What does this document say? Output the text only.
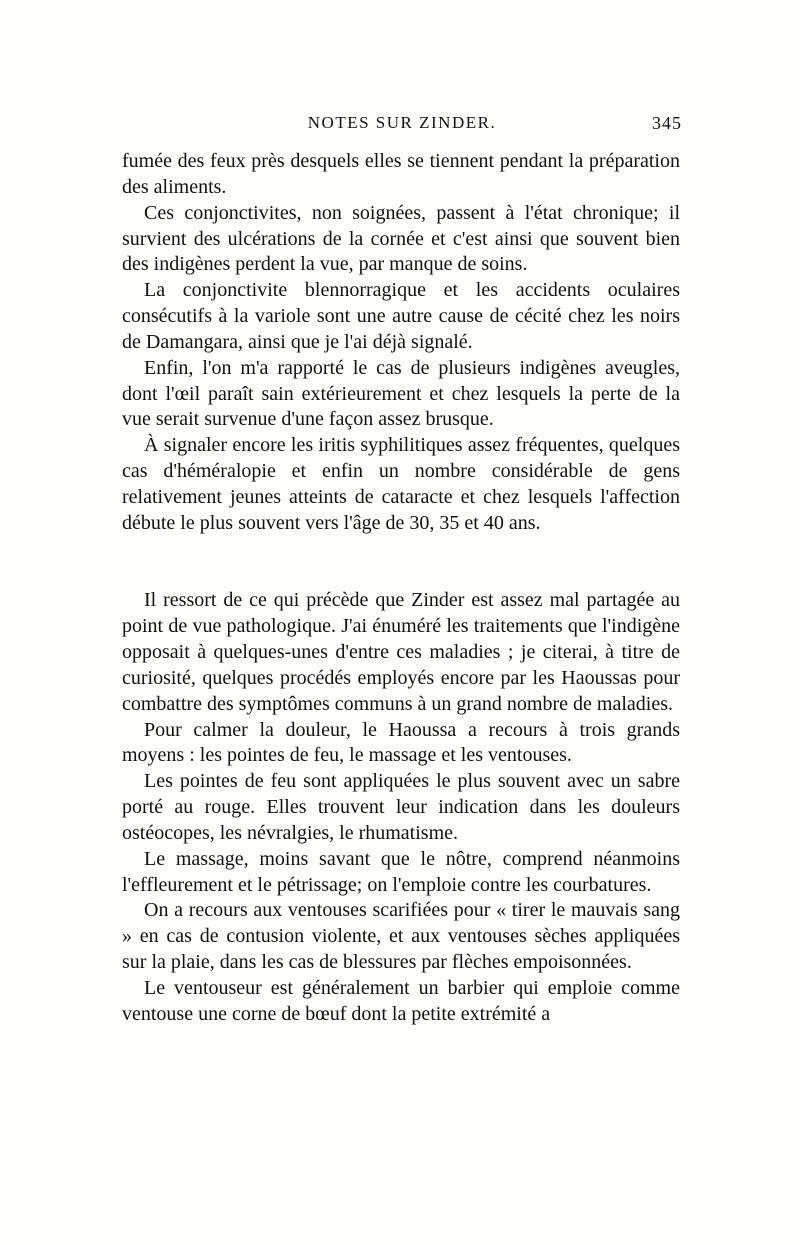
NOTES SUR ZINDER.	345

fumée des feux près desquels elles se tiennent pendant la préparation des aliments.

Ces conjonctivites, non soignées, passent à l'état chronique; il survient des ulcérations de la cornée et c'est ainsi que souvent bien des indigènes perdent la vue, par manque de soins.

La conjonctivite blennorragique et les accidents oculaires consécutifs à la variole sont une autre cause de cécité chez les noirs de Damangara, ainsi que je l'ai déjà signalé.

Enfin, l'on m'a rapporté le cas de plusieurs indigènes aveugles, dont l'œil paraît sain extérieurement et chez lesquels la perte de la vue serait survenue d'une façon assez brusque.

À signaler encore les iritis syphilitiques assez fréquentes, quelques cas d'héméralopie et enfin un nombre considérable de gens relativement jeunes atteints de cataracte et chez lesquels l'affection débute le plus souvent vers l'âge de 30, 35 et 40 ans.

Il ressort de ce qui précède que Zinder est assez mal partagée au point de vue pathologique. J'ai énuméré les traitements que l'indigène opposait à quelques-unes d'entre ces maladies ; je citerai, à titre de curiosité, quelques procédés employés encore par les Haoussas pour combattre des symptômes communs à un grand nombre de maladies.

Pour calmer la douleur, le Haoussa a recours à trois grands moyens : les pointes de feu, le massage et les ventouses.

Les pointes de feu sont appliquées le plus souvent avec un sabre porté au rouge. Elles trouvent leur indication dans les douleurs ostéocopes, les névralgies, le rhumatisme.

Le massage, moins savant que le nôtre, comprend néanmoins l'effleurement et le pétrissage; on l'emploie contre les courbatures.

On a recours aux ventouses scarifiées pour « tirer le mauvais sang » en cas de contusion violente, et aux ventouses sèches appliquées sur la plaie, dans les cas de blessures par flèches empoisonnées.

Le ventouseur est généralement un barbier qui emploie comme ventouse une corne de bœuf dont la petite extrémité a
